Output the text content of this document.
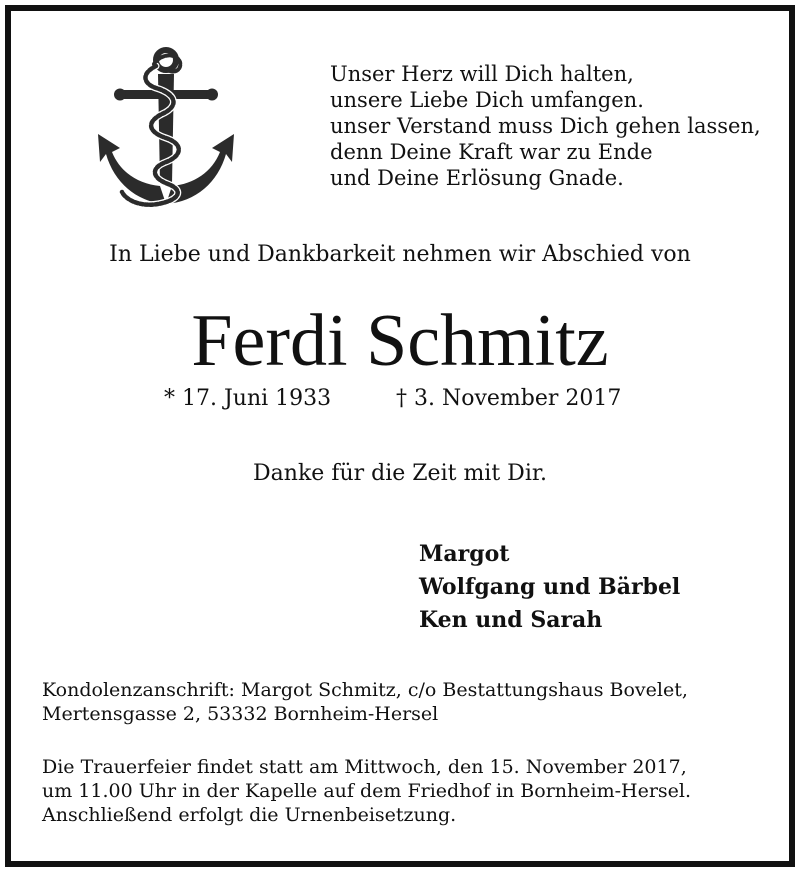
Unser Herz will Dich halten,
unsere Liebe Dich umfangen.
unser Verstand muss Dich gehen lassen,
denn Deine Kraft war zu Ende
und Deine Erlösung Gnade.
In Liebe und Dankbarkeit nehmen wir Abschied von
Ferdi Schmitz
* 17. Juni 1933	† 3. November 2017
Danke für die Zeit mit Dir.
Margot
Wolfgang und Bärbel
Ken und Sarah
Kondolenzanschrift: Margot Schmitz, c/o Bestattungshaus Bovelet,
Mertensgasse 2, 53332 Bornheim-Hersel
Die Trauerfeier findet statt am Mittwoch, den 15. November 2017,
um 11.00 Uhr in der Kapelle auf dem Friedhof in Bornheim-Hersel.
Anschließend erfolgt die Urnenbeisetzung.
